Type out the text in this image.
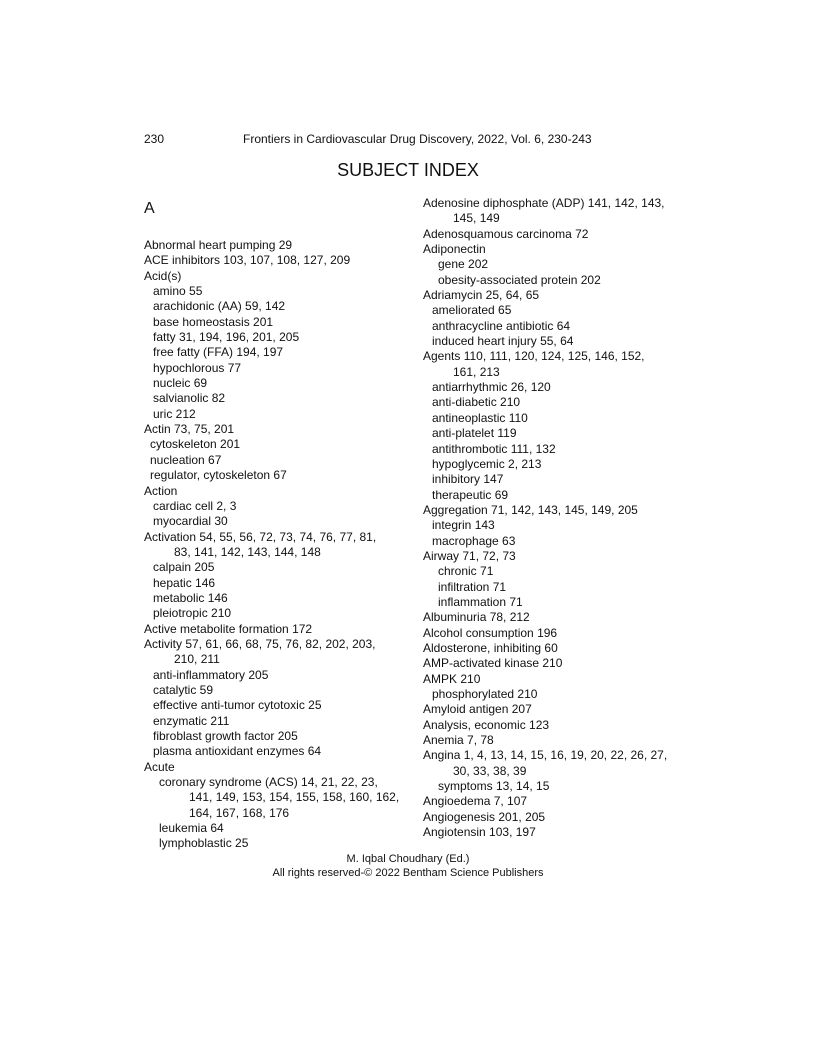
230	Frontiers in Cardiovascular Drug Discovery, 2022, Vol. 6, 230-243
SUBJECT INDEX
A
Abnormal heart pumping 29
ACE inhibitors 103, 107, 108, 127, 209
Acid(s)
amino 55
arachidonic (AA) 59, 142
base homeostasis 201
fatty 31, 194, 196, 201, 205
free fatty (FFA) 194, 197
hypochlorous 77
nucleic 69
salvianolic 82
uric 212
Actin 73, 75, 201
cytoskeleton 201
nucleation 67
regulator, cytoskeleton 67
Action
cardiac cell 2, 3
myocardial 30
Activation 54, 55, 56, 72, 73, 74, 76, 77, 81,
83, 141, 142, 143, 144, 148
calpain 205
hepatic 146
metabolic 146
pleiotropic 210
Active metabolite formation 172
Activity 57, 61, 66, 68, 75, 76, 82, 202, 203,
210, 211
anti-inflammatory 205
catalytic 59
effective anti-tumor cytotoxic 25
enzymatic 211
fibroblast growth factor 205
plasma antioxidant enzymes 64
Acute
coronary syndrome (ACS) 14, 21, 22, 23,
141, 149, 153, 154, 155, 158, 160, 162,
164, 167, 168, 176
leukemia 64
lymphoblastic 25
Adenosine diphosphate (ADP) 141, 142, 143,
145, 149
Adenosquamous carcinoma 72
Adiponectin
gene 202
obesity-associated protein 202
Adriamycin 25, 64, 65
ameliorated 65
anthracycline antibiotic 64
induced heart injury 55, 64
Agents 110, 111, 120, 124, 125, 146, 152,
161, 213
antiarrhythmic 26, 120
anti-diabetic 210
antineoplastic 110
anti-platelet 119
antithrombotic 111, 132
hypoglycemic 2, 213
inhibitory 147
therapeutic 69
Aggregation 71, 142, 143, 145, 149, 205
integrin 143
macrophage 63
Airway 71, 72, 73
chronic 71
infiltration 71
inflammation 71
Albuminuria 78, 212
Alcohol consumption 196
Aldosterone, inhibiting 60
AMP-activated kinase 210
AMPK 210
phosphorylated 210
Amyloid antigen 207
Analysis, economic 123
Anemia 7, 78
Angina 1, 4, 13, 14, 15, 16, 19, 20, 22, 26, 27,
30, 33, 38, 39
symptoms 13, 14, 15
Angioedema 7, 107
Angiogenesis 201, 205
Angiotensin 103, 197
M. Iqbal Choudhary (Ed.)
All rights reserved-© 2022 Bentham Science Publishers
